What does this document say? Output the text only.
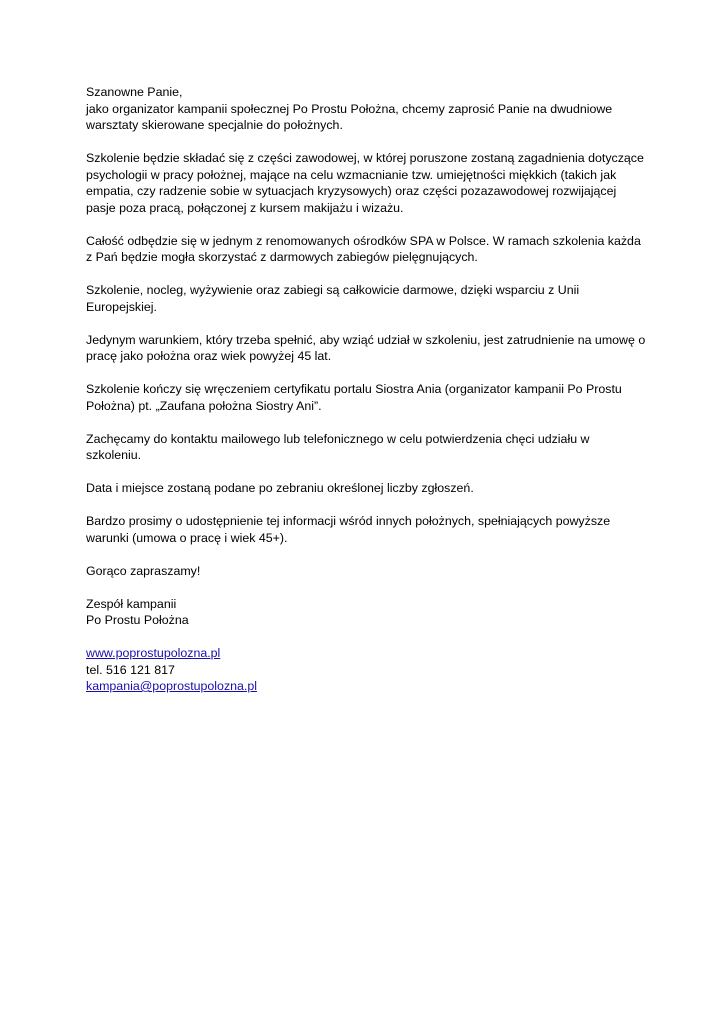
Szanowne Panie,
jako organizator kampanii społecznej Po Prostu Położna, chcemy zaprosić Panie na dwudniowe warsztaty skierowane specjalnie do położnych.

Szkolenie będzie składać się z części zawodowej, w której poruszone zostaną zagadnienia dotyczące psychologii w pracy położnej, mające na celu wzmacnianie tzw. umiejętności miękkich (takich jak empatia, czy radzenie sobie w sytuacjach kryzysowych) oraz części pozazawodowej rozwijającej pasje poza pracą, połączonej z kursem makijażu i wizażu.

Całość odbędzie się w jednym z renomowanych ośrodków SPA w Polsce. W ramach szkolenia każda z Pań będzie mogła skorzystać z darmowych zabiegów pielęgnujących.

Szkolenie, nocleg, wyżywienie oraz zabiegi są całkowicie darmowe, dzięki wsparciu z Unii Europejskiej.

Jedynym warunkiem, który trzeba spełnić, aby wziąć udział w szkoleniu, jest zatrudnienie na umowę o pracę jako położna oraz wiek powyżej 45 lat.

Szkolenie kończy się wręczeniem certyfikatu portalu Siostra Ania (organizator kampanii Po Prostu Położna) pt. „Zaufana położna Siostry Ani”.

Zachęcamy do kontaktu mailowego lub telefonicznego w celu potwierdzenia chęci udziału w szkoleniu.

Data i miejsce zostaną podane po zebraniu określonej liczby zgłoszeń.

Bardzo prosimy o udostępnienie tej informacji wśród innych położnych, spełniających powyższe warunki (umowa o pracę i wiek 45+).

Gorąco zapraszamy!

Zespół kampanii
Po Prostu Położna

www.poprostupolozna.pl
tel. 516 121 817
kampania@poprostupolozna.pl
